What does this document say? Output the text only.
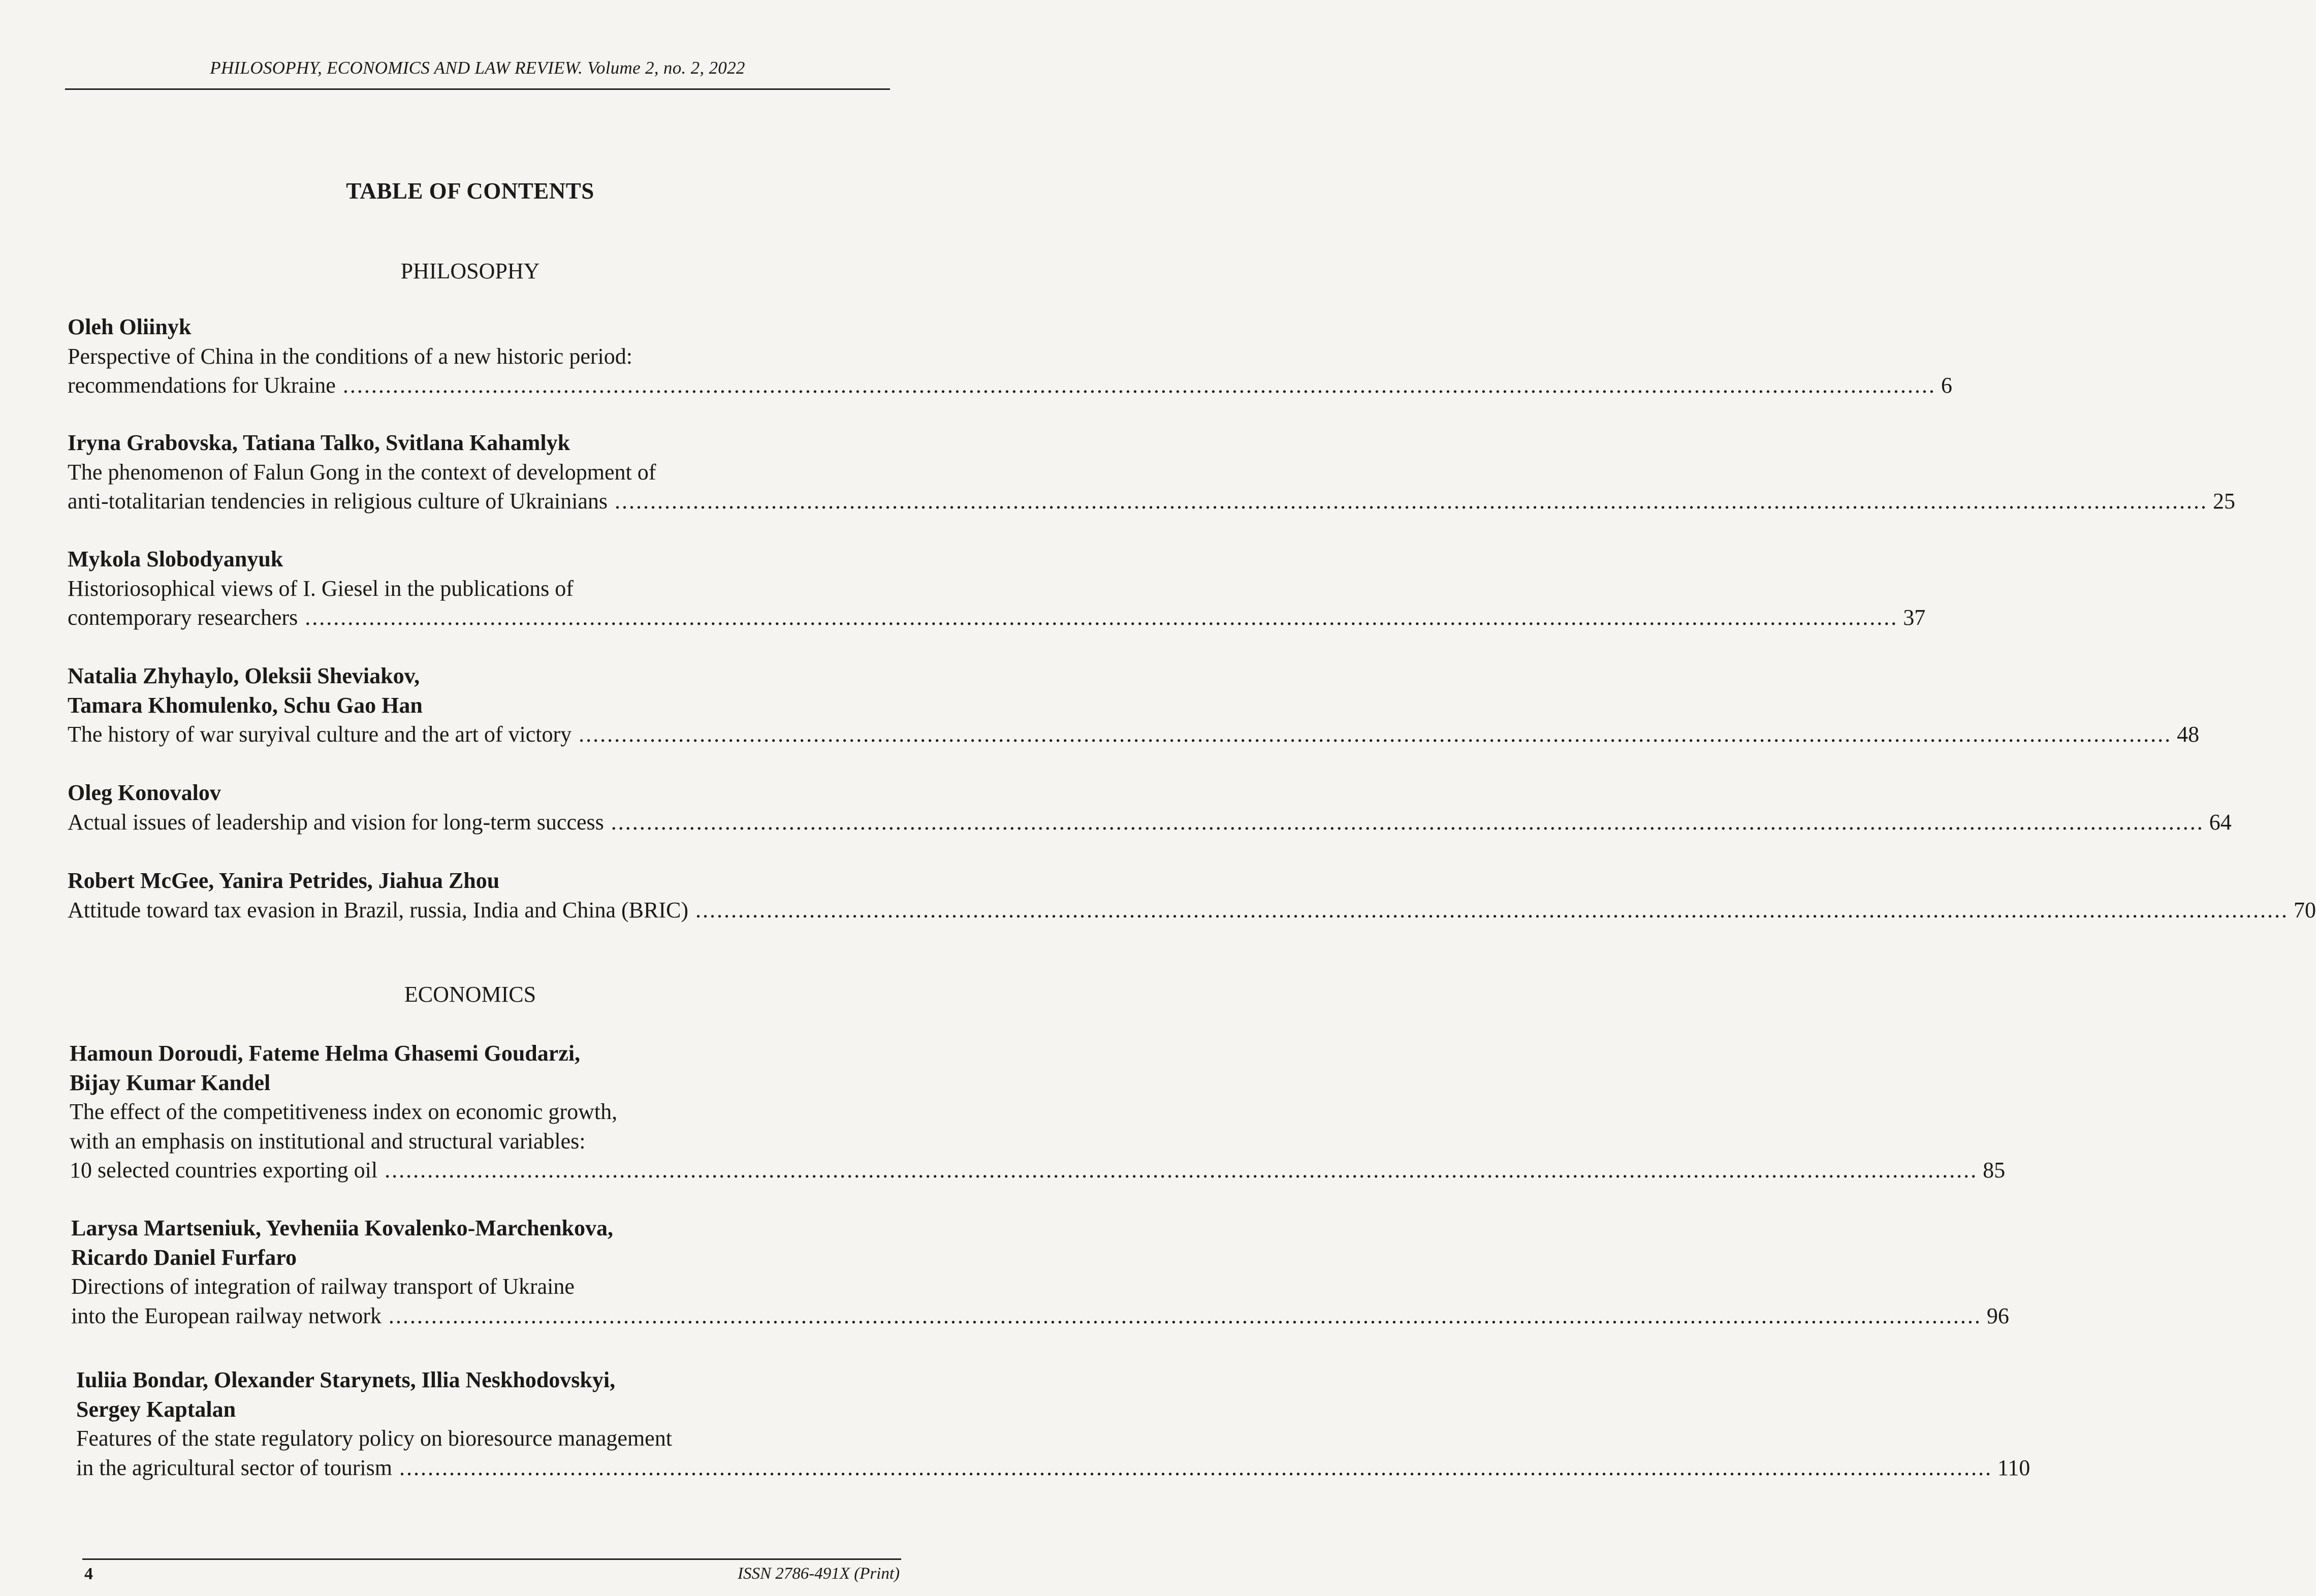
PHILOSOPHY, ECONOMICS AND LAW REVIEW. Volume 2, no. 2, 2022
TABLE OF CONTENTS
PHILOSOPHY
Oleh Oliinyk
Perspective of China in the conditions of a new historic period:
recommendations for Ukraine ................................................................................................................................................................................................................................ 6
Iryna Grabovska, Tatiana Talko, Svitlana Kahamlyk
The phenomenon of Falun Gong in the context of development of
anti-totalitarian tendencies in religious culture of Ukrainians ................................................................................................................................................................................................................................ 25
Mykola Slobodyanyuk
Historiosophical views of I. Giesel in the publications of
contemporary researchers ................................................................................................................................................................................................................................ 37
Natalia Zhyhaylo, Oleksii Sheviakov,
Tamara Khomulenko, Schu Gao Han
The history of war suryival culture and the art of victory ................................................................................................................................................................................................................................ 48
Oleg Konovalov
Actual issues of leadership and vision for long-term success ................................................................................................................................................................................................................................ 64
Robert McGee, Yanira Petrides, Jiahua Zhou
Attitude toward tax evasion in Brazil, russia, India and China (BRIC) ................................................................................................................................................................................................................................ 70
ECONOMICS
Hamoun Doroudi, Fateme Helma Ghasemi Goudarzi,
Bijay Kumar Kandel
The effect of the competitiveness index on economic growth,
with an emphasis on institutional and structural variables:
10 selected countries exporting oil ................................................................................................................................................................................................................................ 85
Larysa Martseniuk, Yevheniia Kovalenko-Marchenkova,
Ricardo Daniel Furfaro
Directions of integration of railway transport of Ukraine
into the European railway network ................................................................................................................................................................................................................................ 96
Iuliia Bondar, Olexander Starynets, Illia Neskhodovskyi,
Sergey Kaptalan
Features of the state regulatory policy on bioresource management
in the agricultural sector of tourism ................................................................................................................................................................................................................................ 110
4	ISSN 2786-491X (Print)
